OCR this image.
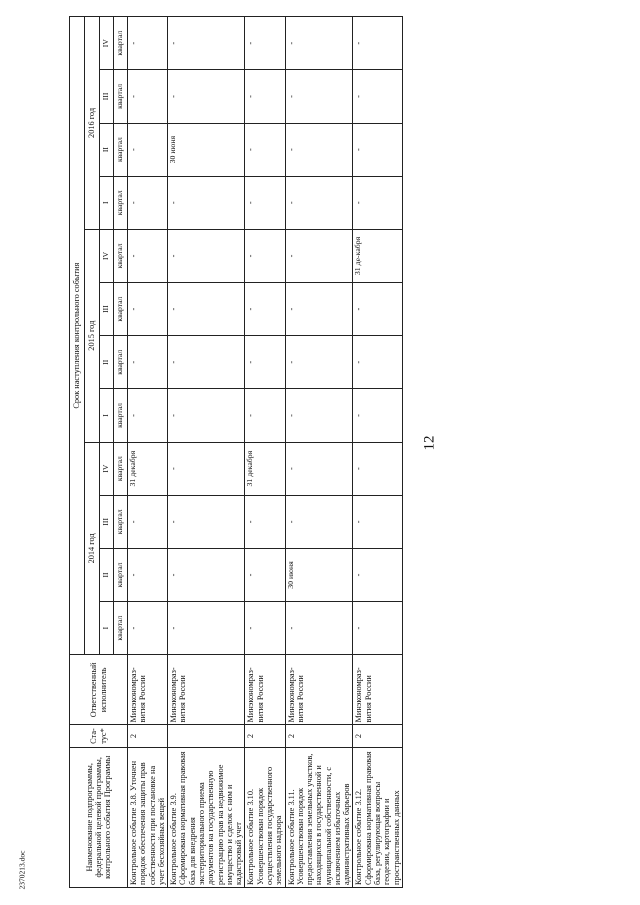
12
Наименование подпрограммы, федеральной целевой программы, контрольного события Программы	Ста-тус*	Ответственный исполнитель	Срок наступления контрольного события											
			2014 год				2015 год				2016 год			
			I	II	III	IV	I	II	III	IV	I	II	III	IV
			квартал	квартал	квартал	квартал	квартал	квартал	квартал	квартал	квартал	квартал	квартал	квартал
Контрольное событие 3.8. Уточнен порядок обеспечения защиты прав собственности при постановке на учет бесхозяйных вещей	2	Минэкономраз-вития России	-	-	-	31 декабря	-	-	-	-	-	-	-	-
Контрольное событие 3.9. Сформирована нормативная правовая база для внедрения экстерриториального приема документов на государственную регистрацию прав на недвижимое имущество и сделок с ним и кадастровый учет		Минэкономраз-вития России	-	-	-	-	-	-	-	-	-	30 июня	-	-
Контрольное событие 3.10. Усовершенствован порядок осуществления государственного земельного надзора	2	Минэкономраз-вития России	-	-	-	31 декабря	-	-	-	-	-	-	-	-
Контрольное событие 3.11. Усовершенствован порядок предоставления земельных участков, находящихся в государственной и муниципальной собственности, с исключением избыточных административных барьеров	2	Минэкономраз-вития России	-	30 июня	-	-	-	-	-	-	-	-	-	-
Контрольное событие 3.12. Сформирована нормативная правовая база, регулирующая вопросы геодезии, картографии и пространственных данных	2	Минэкономраз-вития России	-	-	-	-	-	-	-	31 де-кабря	-	-	-	-
2370213.doc
